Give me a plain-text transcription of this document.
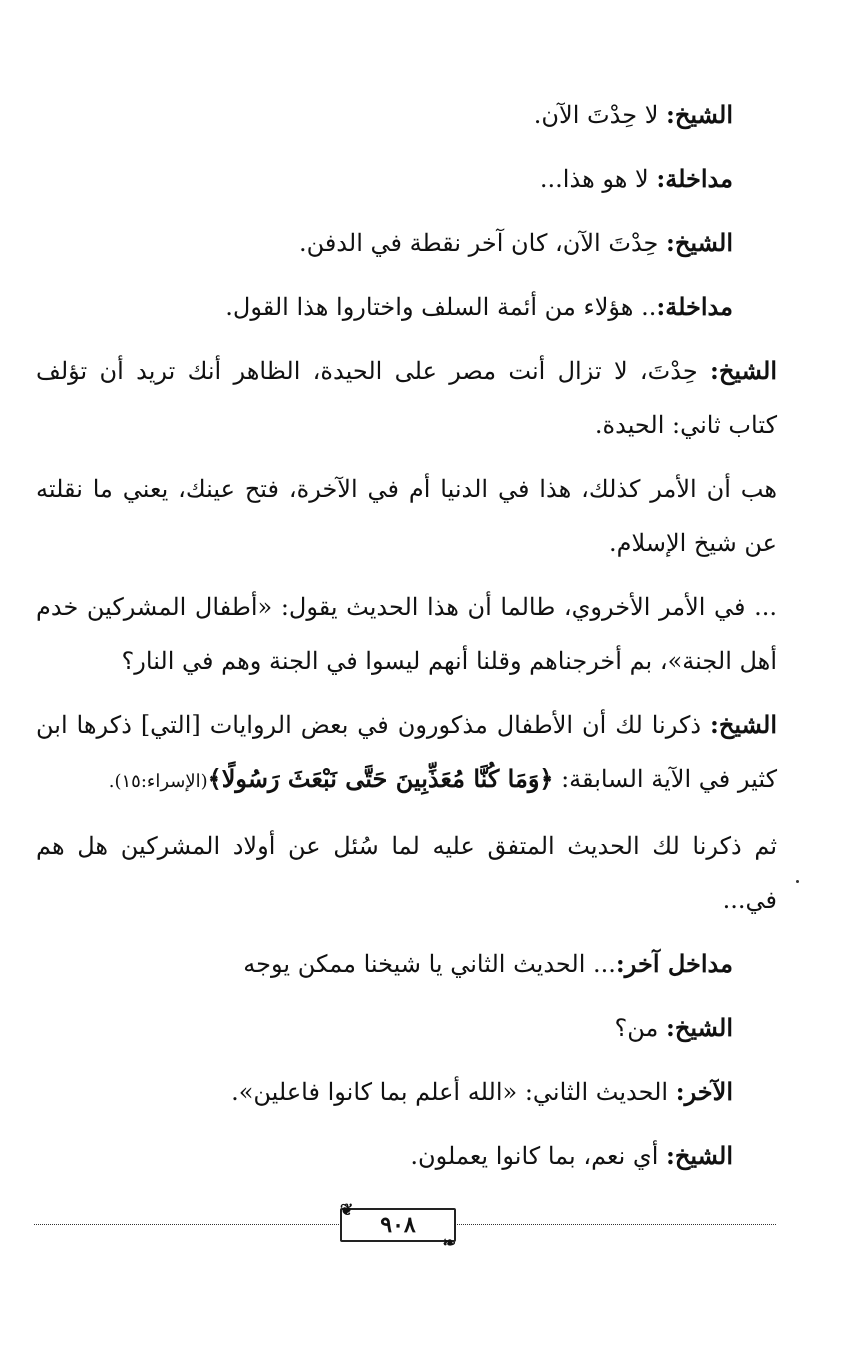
الشيخ: لا حِدْتَ الآن.

مداخلة: لا هو هذا...

الشيخ: حِدْتَ الآن، كان آخر نقطة في الدفن.

مداخلة:.. هؤلاء من أئمة السلف واختاروا هذا القول.

الشيخ: حِدْتَ، لا تزال أنت مصر على الحيدة، الظاهر أنك تريد أن تؤلف كتاب ثاني: الحيدة.

هب أن الأمر كذلك، هذا في الدنيا أم في الآخرة، فتح عينك، يعني ما نقلته عن شيخ الإسلام.

... في الأمر الأخروي، طالما أن هذا الحديث يقول: «أطفال المشركين خدم أهل الجنة»، بم أخرجناهم وقلنا أنهم ليسوا في الجنة وهم في النار؟

الشيخ: ذكرنا لك أن الأطفال مذكورون في بعض الروايات [التي] ذكرها ابن كثير في الآية السابقة: ﴿وَمَا كُنَّا مُعَذِّبِينَ حَتَّى نَبْعَثَ رَسُولًا﴾(الإسراء:١٥).

ثم ذكرنا لك الحديث المتفق عليه لما سُئل عن أولاد المشركين هل هم في...

مداخل آخر:... الحديث الثاني يا شيخنا ممكن يوجه

الشيخ: من؟

الآخر: الحديث الثاني: «الله أعلم بما كانوا فاعلين».

الشيخ: أي نعم، بما كانوا يعملون.

❦
٩٠٨
❧
